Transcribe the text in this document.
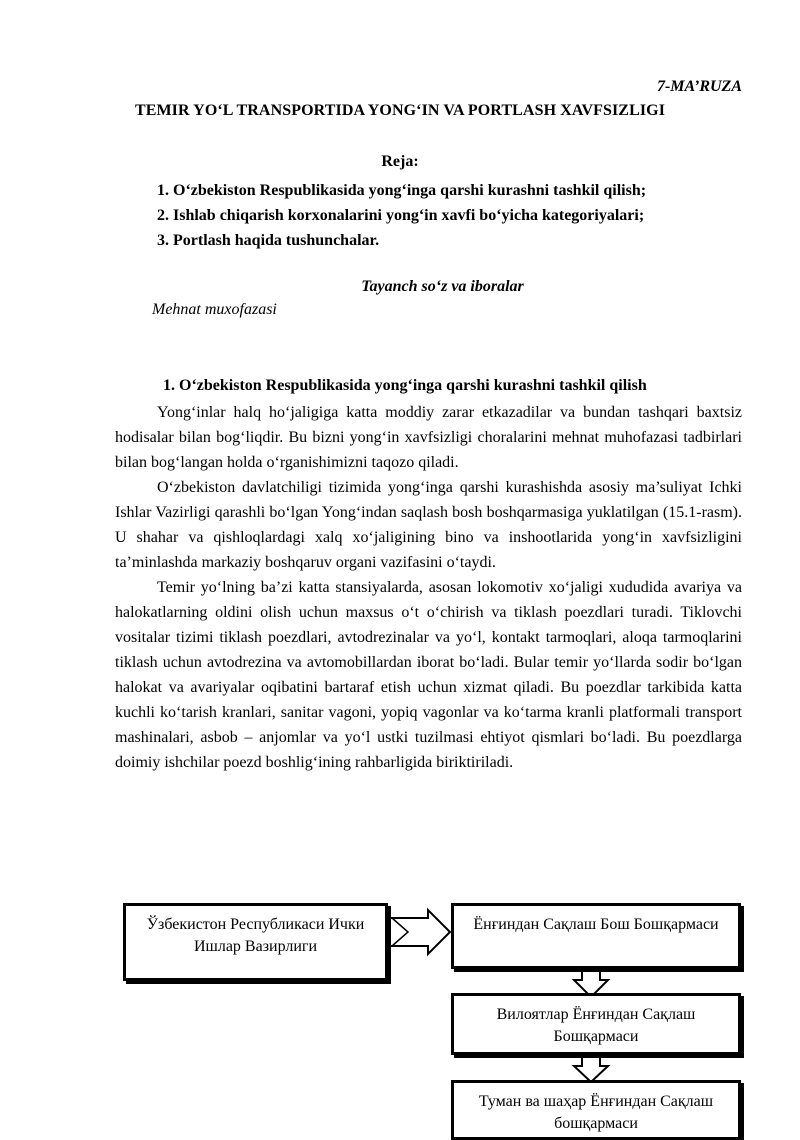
7-MA’RUZA
TEMIR YO‘L TRANSPORTIDA YONG‘IN VA PORTLASH XAVFSIZLIGI
Reja:
1. O‘zbekiston Respublikasida yong‘inga qarshi kurashni tashkil qilish;
2. Ishlab chiqarish korxonalarini yong‘in xavfi bo‘yicha kategoriyalari;
3. Portlash haqida tushunchalar.
Tayanch so‘z va iboralar
Mehnat muxofazasi
1. O‘zbekiston Respublikasida yong‘inga qarshi kurashni tashkil qilish

Yong‘inlar halq ho‘jaligiga katta moddiy zarar etkazadilar va bundan tashqari baxtsiz hodisalar bilan bog‘liqdir. Bu bizni yong‘in xavfsizligi choralarini mehnat muhofazasi tadbirlari bilan bog‘langan holda o‘rganishimizni taqozo qiladi.

O‘zbekiston davlatchiligi tizimida yong‘inga qarshi kurashishda asosiy ma’suliyat Ichki Ishlar Vazirligi qarashli bo‘lgan Yong‘indan saqlash bosh boshqarmasiga yuklatilgan (15.1-rasm). U shahar va qishloqlardagi xalq xo‘jaligining bino va inshootlarida yong‘in xavfsizligini ta’minlashda markaziy boshqaruv organi vazifasini o‘taydi.

Temir yo‘lning ba’zi katta stansiyalarda, asosan lokomotiv xo‘jaligi xududida avariya va halokatlarning oldini olish uchun maxsus o‘t o‘chirish va tiklash poezdlari turadi. Tiklovchi vositalar tizimi tiklash poezdlari, avtodrezinalar va yo‘l, kontakt tarmoqlari, aloqa tarmoqlarini tiklash uchun avtodrezina va avtomobillardan iborat bo‘ladi. Bular temir yo‘llarda sodir bo‘lgan halokat va avariyalar oqibatini bartaraf etish uchun xizmat qiladi. Bu poezdlar tarkibida katta kuchli ko‘tarish kranlari, sanitar vagoni, yopiq vagonlar va ko‘tarma kranli platformali transport mashinalari, asbob – anjomlar va yo‘l ustki tuzilmasi ehtiyot qismlari bo‘ladi. Bu poezdlarga doimiy ishchilar poezd boshlig‘ining rahbarligida biriktiriladi.

Ўзбекистон Республикаси Ички Ишлар Вазирлиги
Ёнғиндан Сақлаш Бош Бошқармаси
Вилоятлар Ёнғиндан Сақлаш Бошқармаси
Туман ва шаҳар Ёнғиндан Сақлаш бошқармаси
